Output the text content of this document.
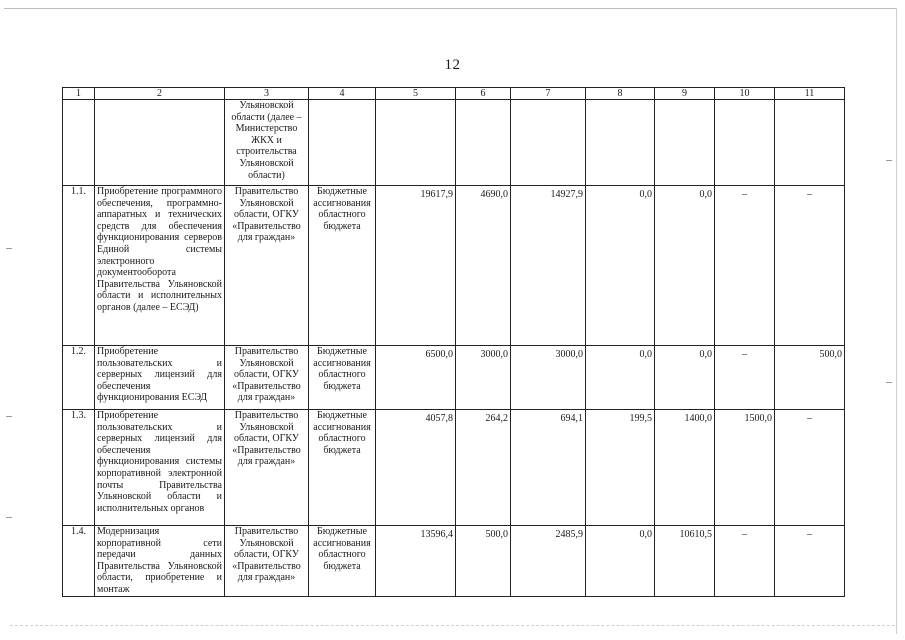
12
1	2	3	4	5	6	7	8	9	10	11
		Ульяновской области (далее – Министерство ЖКХ и строительства Ульяновской области)								
1.1.	Приобретение программного обеспечения, программно-аппаратных и технических средств для обеспечения функционирования серверов Единой системы электронного документооборота Правительства Ульяновской области и исполнительных органов (далее – ЕСЭД)	Правительство Ульяновской области, ОГКУ «Правительство для граждан»	Бюджетные ассигнования областного бюджета	19617,9	4690,0	14927,9	0,0	0,0	–	–
1.2.	Приобретение пользовательских и серверных лицензий для обеспечения функционирования ЕСЭД	Правительство Ульяновской области, ОГКУ «Правительство для граждан»	Бюджетные ассигнования областного бюджета	6500,0	3000,0	3000,0	0,0	0,0	–	500,0
1.3.	Приобретение пользовательских и серверных лицензий для обеспечения функционирования системы корпоративной электронной почты Правительства Ульяновской области и исполнительных органов	Правительство Ульяновской области, ОГКУ «Правительство для граждан»	Бюджетные ассигнования областного бюджета	4057,8	264,2	694,1	199,5	1400,0	1500,0	–
1.4.	Модернизация корпоративной сети передачи данных Правительства Ульяновской области, приобретение и монтаж	Правительство Ульяновской области, ОГКУ «Правительство для граждан»	Бюджетные ассигнования областного бюджета	13596,4	500,0	2485,9	0,0	10610,5	–	–
